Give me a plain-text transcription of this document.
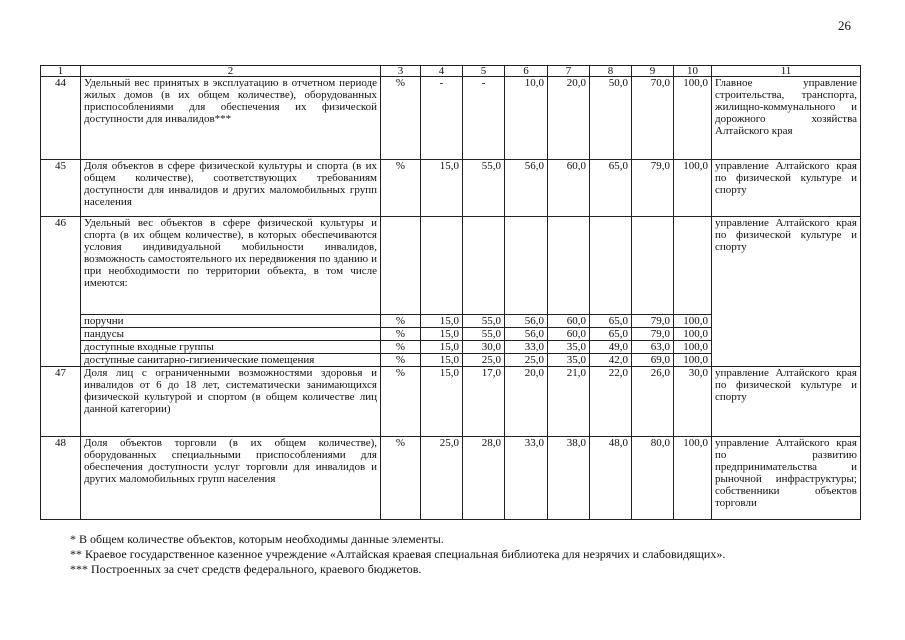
26
1	2	3	4	5	6	7	8	9	10	11
44	Удельный вес принятых в эксплуатацию в отчетном периоде жилых домов (в их общем количестве), оборудованных приспособлениями для обеспечения их физической доступности для инвалидов***	%	-	-	10,0	20,0	50,0	70,0	100,0	Главное управление строительства, транспорта, жилищно-коммунального и дорожного хозяйства Алтайского края
45	Доля объектов в сфере физической культуры и спорта (в их общем количестве), соответствующих требованиям доступности для инвалидов и других маломобильных групп населения	%	15,0	55,0	56,0	60,0	65,0	79,0	100,0	управление Алтайского края по физической культуре и спорту
46	Удельный вес объектов в сфере физической культуры и спорта (в их общем количестве), в которых обеспечиваются условия индивидуальной мобильности инвалидов, возможность самостоятельного их передвижения по зданию и при необходимости по территории объекта, в том числе имеются:									управление Алтайского края по физической культуре и спорту
	поручни	%	15,0	55,0	56,0	60,0	65,0	79,0	100,0	
	пандусы	%	15,0	55,0	56,0	60,0	65,0	79,0	100,0	
	доступные входные группы	%	15,0	30,0	33,0	35,0	49,0	63,0	100,0	
	доступные санитарно-гигиенические помещения	%	15,0	25,0	25,0	35,0	42,0	69,0	100,0	
47	Доля лиц с ограниченными возможностями здоровья и инвалидов от 6 до 18 лет, систематически занимающихся физической культурой и спортом (в общем количестве лиц данной категории)	%	15,0	17,0	20,0	21,0	22,0	26,0	30,0	управление Алтайского края по физической культуре и спорту
48	Доля объектов торговли (в их общем количестве), оборудованных специальными приспособлениями для обеспечения доступности услуг торговли для инвалидов и других маломобильных групп населения	%	25,0	28,0	33,0	38,0	48,0	80,0	100,0	управление Алтайского края по развитию предпринимательства и рыночной инфраструктуры; собственники объектов торговли
* В общем количестве объектов, которым необходимы данные элементы.
** Краевое государственное казенное учреждение «Алтайская краевая специальная библиотека для незрячих и слабовидящих».
*** Построенных за счет средств федерального, краевого бюджетов.
